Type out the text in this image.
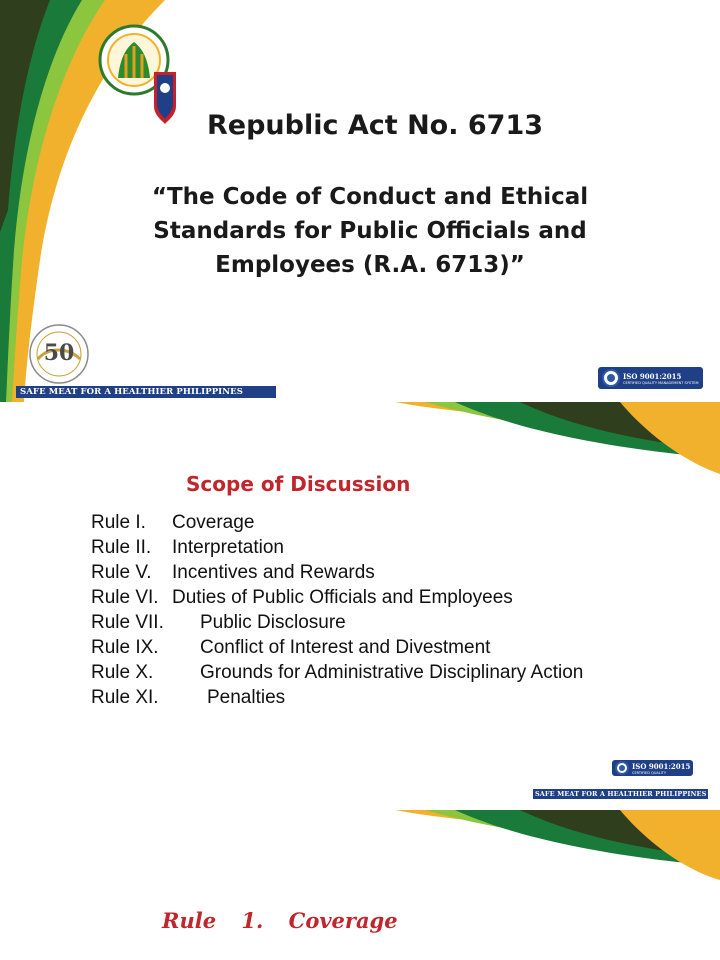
Republic Act No. 6713
“The Code of Conduct and Ethical
Standards for Public Officials and
Employees (R.A. 6713)”
50
SAFE MEAT FOR A HEALTHIER PHILIPPINES
ISO 9001:2015
CERTIFIED QUALITY MANAGEMENT SYSTEM
Scope of Discussion
Rule I. Coverage
Rule II. Interpretation
Rule V. Incentives and Rewards
Rule VI. Duties of Public Officials and Employees
Rule VII. Public Disclosure
Rule IX. Conflict of Interest and Divestment
Rule X. Grounds for Administrative Disciplinary Action
Rule XI.	Penalties
ISO 9001:2015
CERTIFIED QUALITY
SAFE MEAT FOR A HEALTHIER PHILIPPINES
Rule 1. Coverage
